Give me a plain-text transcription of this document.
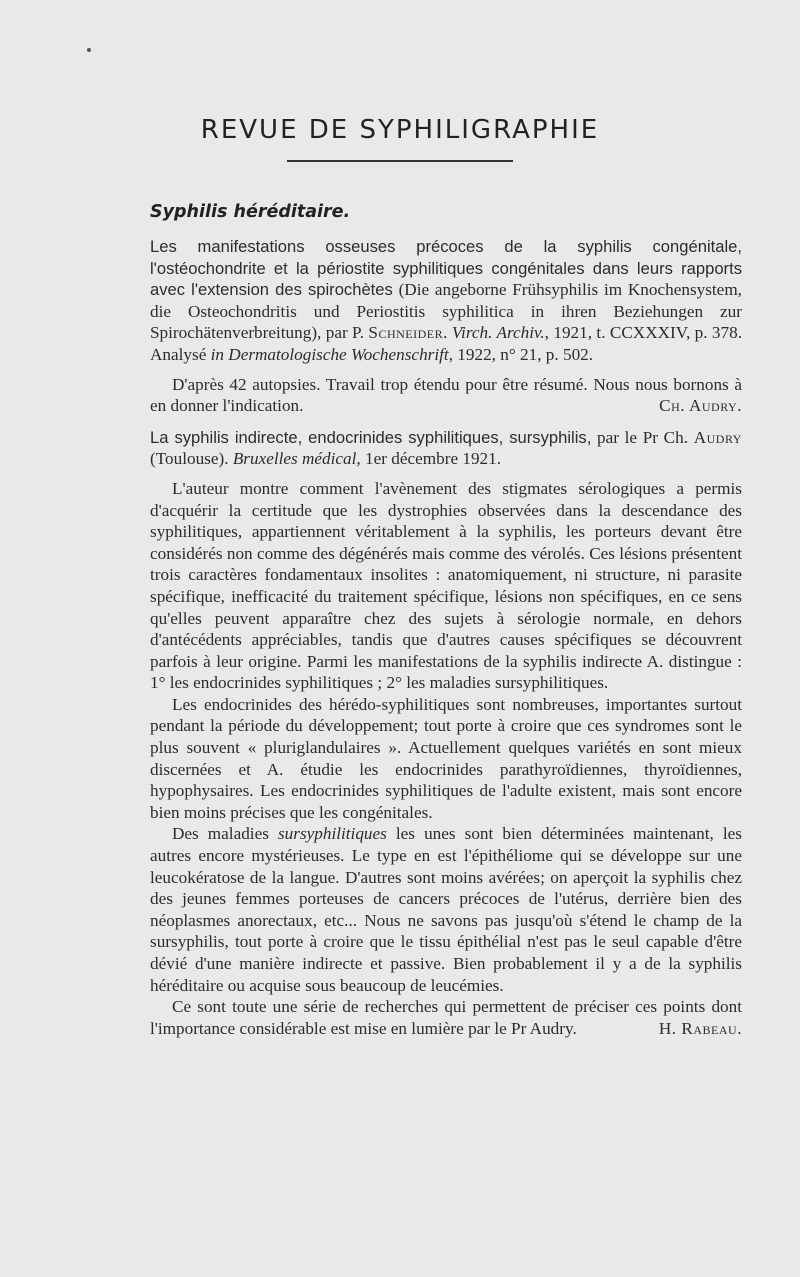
REVUE DE SYPHILIGRAPHIE
Syphilis héréditaire.

Les manifestations osseuses précoces de la syphilis congénitale, l'ostéochondrite et la périostite syphilitiques congénitales dans leurs rapports avec l'extension des spirochètes (Die angeborne Frühsyphilis im Knochensystem, die Osteochondritis und Periostitis syphilitica in ihren Beziehungen zur Spirochätenverbreitung), par P. Schneider. Virch. Archiv., 1921, t. CCXXXIV, p. 378. Analysé in Dermatologische Wochenschrift, 1922, n° 21, p. 502.

D'après 42 autopsies. Travail trop étendu pour être résumé. Nous nous bornons à en donner l'indication.	Ch. Audry.

La syphilis indirecte, endocrinides syphilitiques, sursyphilis, par le Pr Ch. Audry (Toulouse). Bruxelles médical, 1er décembre 1921.

L'auteur montre comment l'avènement des stigmates sérologiques a permis d'acquérir la certitude que les dystrophies observées dans la descendance des syphilitiques, appartiennent véritablement à la syphilis, les porteurs devant être considérés non comme des dégénérés mais comme des vérolés. Ces lésions présentent trois caractères fondamentaux insolites : anatomiquement, ni structure, ni parasite spécifique, inefficacité du traitement spécifique, lésions non spécifiques, en ce sens qu'elles peuvent apparaître chez des sujets à sérologie normale, en dehors d'antécédents appréciables, tandis que d'autres causes spécifiques se découvrent parfois à leur origine. Parmi les manifestations de la syphilis indirecte A. distingue : 1° les endocrinides syphilitiques ; 2° les maladies sursyphilitiques.

Les endocrinides des hérédo-syphilitiques sont nombreuses, importantes surtout pendant la période du développement; tout porte à croire que ces syndromes sont le plus souvent « pluriglandulaires ». Actuellement quelques variétés en sont mieux discernées et A. étudie les endocrinides parathyroïdiennes, thyroïdiennes, hypophysaires. Les endocrinides syphilitiques de l'adulte existent, mais sont encore bien moins précises que les congénitales.

Des maladies sursyphilitiques les unes sont bien déterminées maintenant, les autres encore mystérieuses. Le type en est l'épithéliome qui se développe sur une leucokératose de la langue. D'autres sont moins avérées; on aperçoit la syphilis chez des jeunes femmes porteuses de cancers précoces de l'utérus, derrière bien des néoplasmes anorectaux, etc... Nous ne savons pas jusqu'où s'étend le champ de la sursyphilis, tout porte à croire que le tissu épithélial n'est pas le seul capable d'être dévié d'une manière indirecte et passive. Bien probablement il y a de la syphilis héréditaire ou acquise sous beaucoup de leucémies.

Ce sont toute une série de recherches qui permettent de préciser ces points dont l'importance considérable est mise en lumière par le Pr Audry.	H. Rabeau.
